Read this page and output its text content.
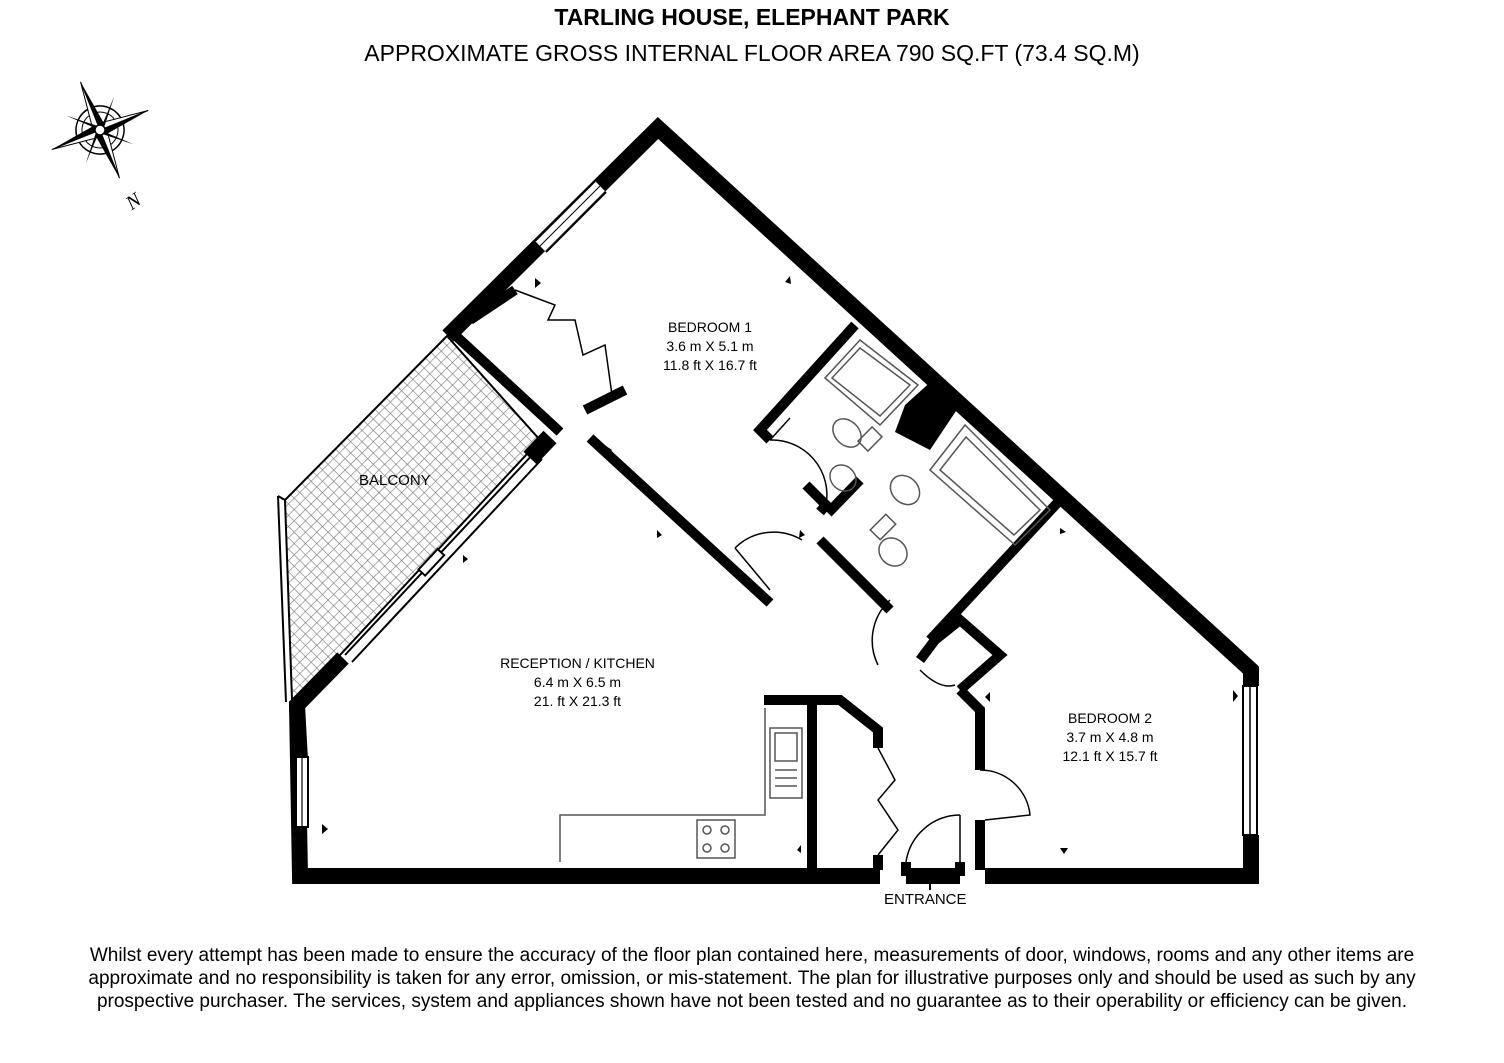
TARLING HOUSE, ELEPHANT PARK
APPROXIMATE GROSS INTERNAL FLOOR AREA 790 SQ.FT (73.4 SQ.M)
N
BEDROOM 1
3.6 m X 5.1 m
11.8 ft X 16.7 ft
RECEPTION / KITCHEN
6.4 m X 6.5 m
21. ft X 21.3 ft
BEDROOM 2
3.7 m X 4.8 m
12.1 ft X 15.7 ft
BALCONY
ENTRANCE
Whilst every attempt has been made to ensure the accuracy of the floor plan contained here, measurements of door, windows, rooms and any other items are approximate and no responsibility is taken for any error, omission, or mis-statement. The plan for illustrative purposes only and should be used as such by any prospective purchaser. The services, system and appliances shown have not been tested and no guarantee as to their operability or efficiency can be given.
